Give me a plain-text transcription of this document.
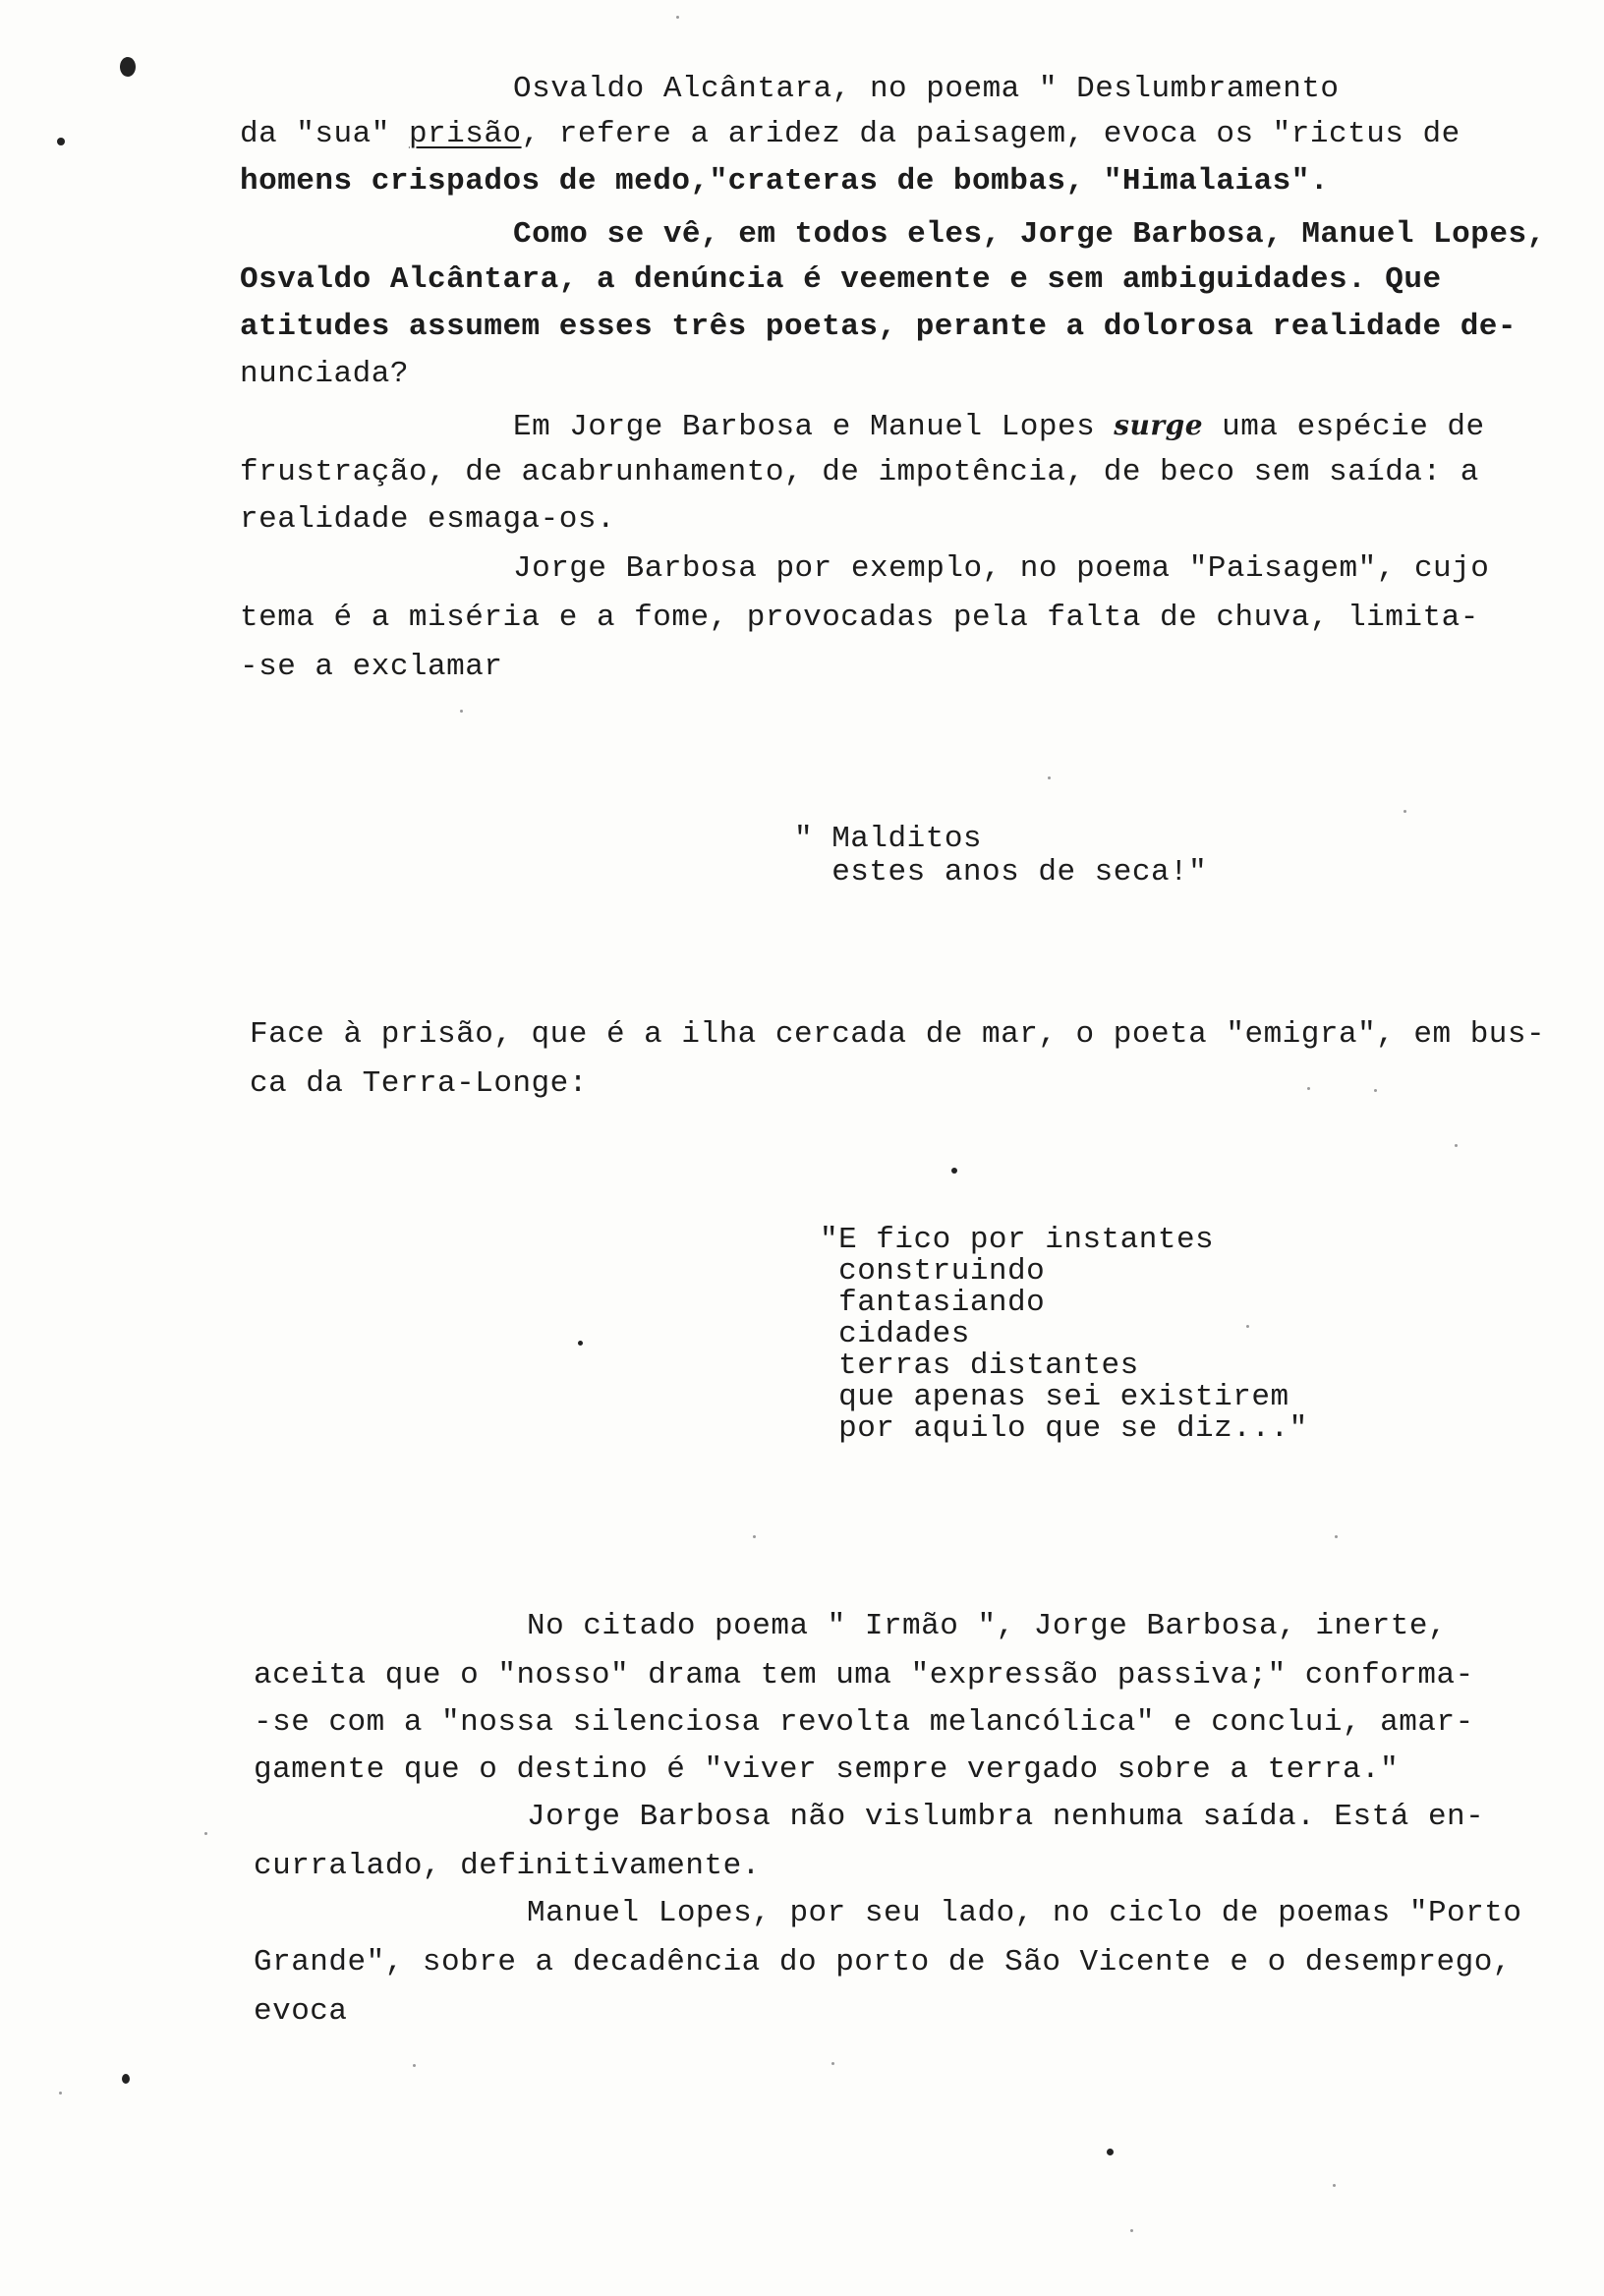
Osvaldo Alcântara, no poema " Deslumbramento
da "sua" prisão, refere a aridez da paisagem, evoca os "rictus de
homens crispados de medo,"crateras de bombas, "Himalaias".
Como se vê, em todos eles, Jorge Barbosa, Manuel Lopes,
Osvaldo Alcântara, a denúncia é veemente e sem ambiguidades. Que
atitudes assumem esses três poetas, perante a dolorosa realidade de-
nunciada?
Em Jorge Barbosa e Manuel Lopes surge uma espécie de
frustração, de acabrunhamento, de impotência, de beco sem saída: a
realidade esmaga-os.
Jorge Barbosa por exemplo, no poema "Paisagem", cujo
tema é a miséria e a fome, provocadas pela falta de chuva, limita-
-se a exclamar
" Malditos
estes anos de seca!"
Face à prisão, que é a ilha cercada de mar, o poeta "emigra", em bus-
ca da Terra-Longe:
"E fico por instantes
construindo
fantasiando
cidades
terras distantes
que apenas sei existirem
por aquilo que se diz..."
No citado poema " Irmão ", Jorge Barbosa, inerte,
aceita que o "nosso" drama tem uma "expressão passiva;" conforma-
-se com a "nossa silenciosa revolta melancólica" e conclui, amar-
gamente que o destino é "viver sempre vergado sobre a terra."
Jorge Barbosa não vislumbra nenhuma saída. Está en-
curralado, definitivamente.
Manuel Lopes, por seu lado, no ciclo de poemas "Porto
Grande", sobre a decadência do porto de São Vicente e o desemprego,
evoca
